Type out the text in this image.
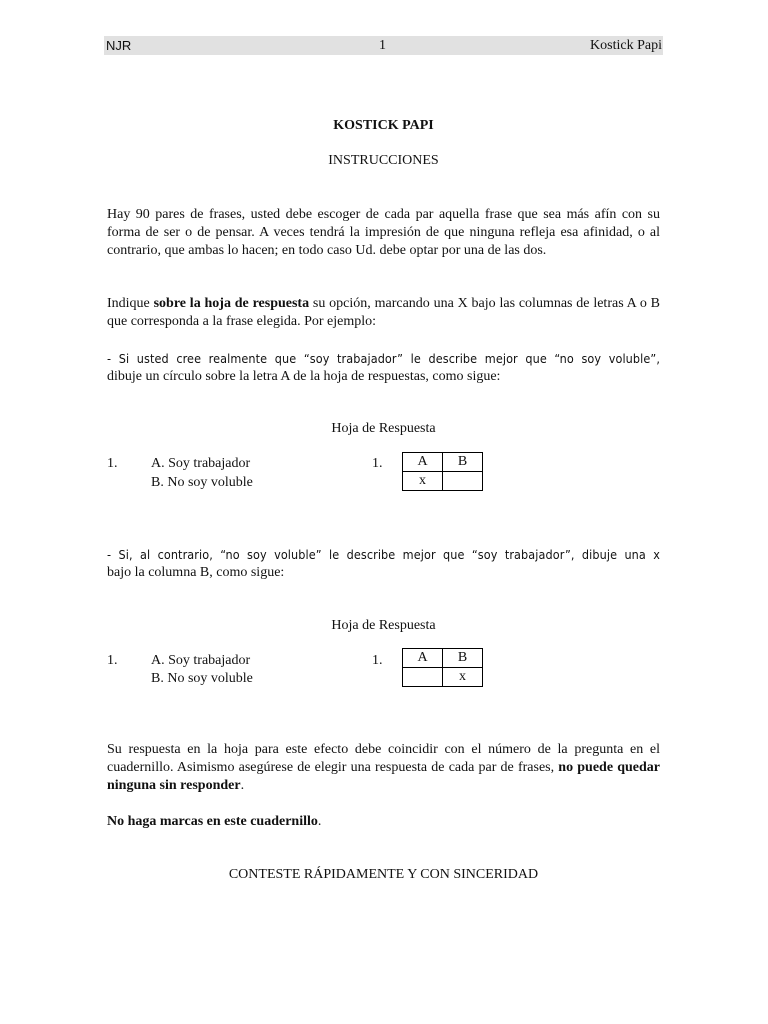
NJR	1	Kostick Papi
KOSTICK PAPI
INSTRUCCIONES
Hay 90 pares de frases, usted debe escoger de cada par aquella frase que sea más afín con su forma de ser o de pensar. A veces tendrá la impresión de que ninguna refleja esa afinidad, o al contrario, que ambas lo hacen; en todo caso Ud. debe optar por una de las dos.
Indique sobre la hoja de respuesta su opción, marcando una X bajo las columnas de letras A o B que corresponda a la frase elegida. Por ejemplo:
- Si usted cree realmente que “soy trabajador” le describe mejor que “no soy voluble”,
dibuje un círculo sobre la letra A de la hoja de respuestas, como sigue:
Hoja de Respuesta
1. A. Soy trabajador
B. No soy voluble
1. A	B
x	
- Si, al contrario, “no soy voluble” le describe mejor que “soy trabajador”, dibuje una x
bajo la columna B, como sigue:
Hoja de Respuesta
1. A. Soy trabajador
B. No soy voluble
1. A	B
	x
Su respuesta en la hoja para este efecto debe coincidir con el número de la pregunta en el cuadernillo. Asimismo asegúrese de elegir una respuesta de cada par de frases, no puede quedar ninguna sin responder.
No haga marcas en este cuadernillo.
CONTESTE RÁPIDAMENTE Y CON SINCERIDAD
